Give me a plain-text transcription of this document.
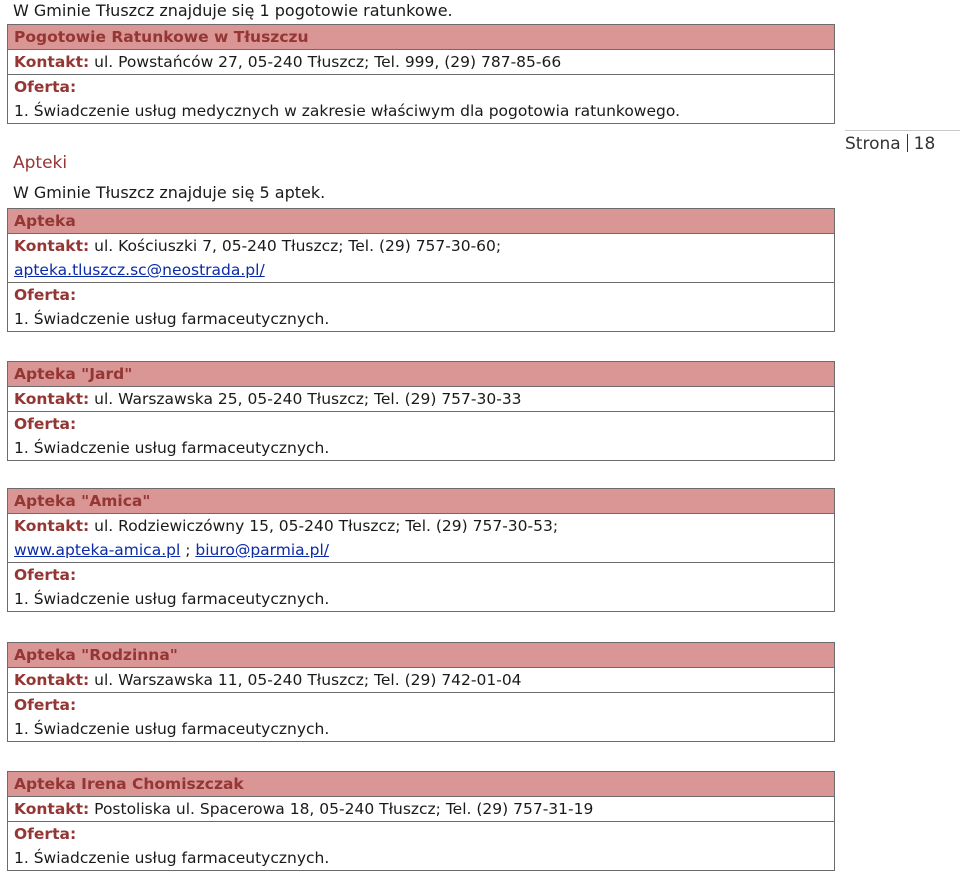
W Gminie Tłuszcz znajduje się 1 pogotowie ratunkowe.
Pogotowie Ratunkowe w Tłuszczu
Kontakt: ul. Powstańców 27, 05-240 Tłuszcz; Tel. 999, (29) 787-85-66
Oferta:
1. Świadczenie usług medycznych w zakresie właściwym dla pogotowia ratunkowego.
Apteki
W Gminie Tłuszcz znajduje się 5 aptek.
Strona 18
Apteka
Kontakt: ul. Kościuszki 7, 05-240 Tłuszcz; Tel. (29) 757-30-60;
apteka.tluszcz.sc@neostrada.pl/
Oferta:
1. Świadczenie usług farmaceutycznych.
Apteka "Jard"
Kontakt: ul. Warszawska 25, 05-240 Tłuszcz; Tel. (29) 757-30-33
Oferta:
1. Świadczenie usług farmaceutycznych.
Apteka "Amica"
Kontakt: ul. Rodziewiczówny 15, 05-240 Tłuszcz; Tel. (29) 757-30-53;
www.apteka-amica.pl ; biuro@parmia.pl/
Oferta:
1. Świadczenie usług farmaceutycznych.
Apteka "Rodzinna"
Kontakt: ul. Warszawska 11, 05-240 Tłuszcz; Tel. (29) 742-01-04
Oferta:
1. Świadczenie usług farmaceutycznych.
Apteka Irena Chomiszczak
Kontakt: Postoliska ul. Spacerowa 18, 05-240 Tłuszcz; Tel. (29) 757-31-19
Oferta:
1. Świadczenie usług farmaceutycznych.
